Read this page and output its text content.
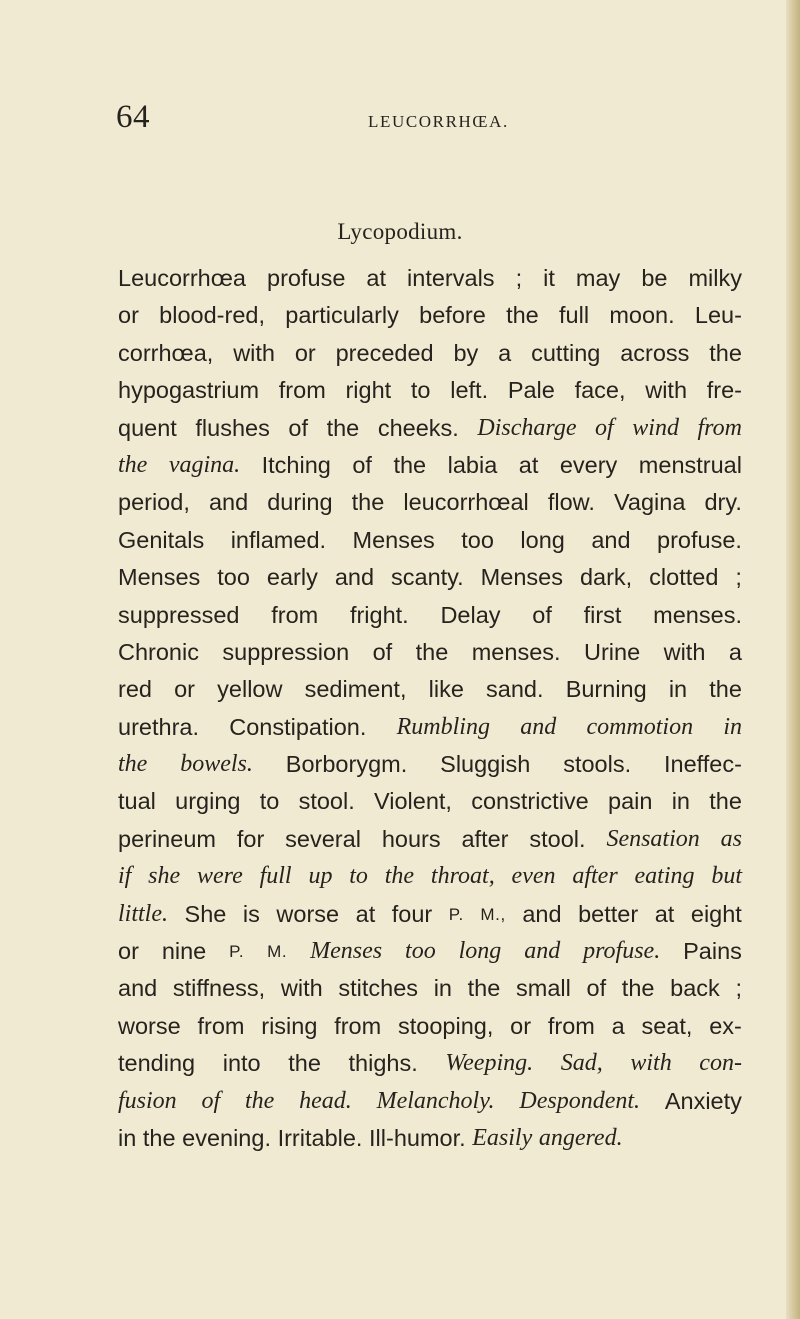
64	LEUCORRHŒA.
Lycopodium.
Leucorrhœa profuse at intervals ; it may be milky
or blood-red, particularly before the full moon. Leu-
corrhœa, with or preceded by a cutting across the
hypogastrium from right to left. Pale face, with fre-
quent flushes of the cheeks. Discharge of wind from
the vagina. Itching of the labia at every menstrual
period, and during the leucorrhœal flow. Vagina dry.
Genitals inflamed. Menses too long and profuse.
Menses too early and scanty. Menses dark, clotted ;
suppressed from fright. Delay of first menses.
Chronic suppression of the menses. Urine with a
red or yellow sediment, like sand. Burning in the
urethra. Constipation. Rumbling and commotion in
the bowels. Borborygm. Sluggish stools. Ineffec-
tual urging to stool. Violent, constrictive pain in the
perineum for several hours after stool. Sensation as
if she were full up to the throat, even after eating but
little. She is worse at four P. M., and better at eight
or nine P. M. Menses too long and profuse. Pains
and stiffness, with stitches in the small of the back ;
worse from rising from stooping, or from a seat, ex-
tending into the thighs. Weeping. Sad, with con-
fusion of the head. Melancholy. Despondent. Anxiety
in the evening. Irritable. Ill-humor. Easily angered.
